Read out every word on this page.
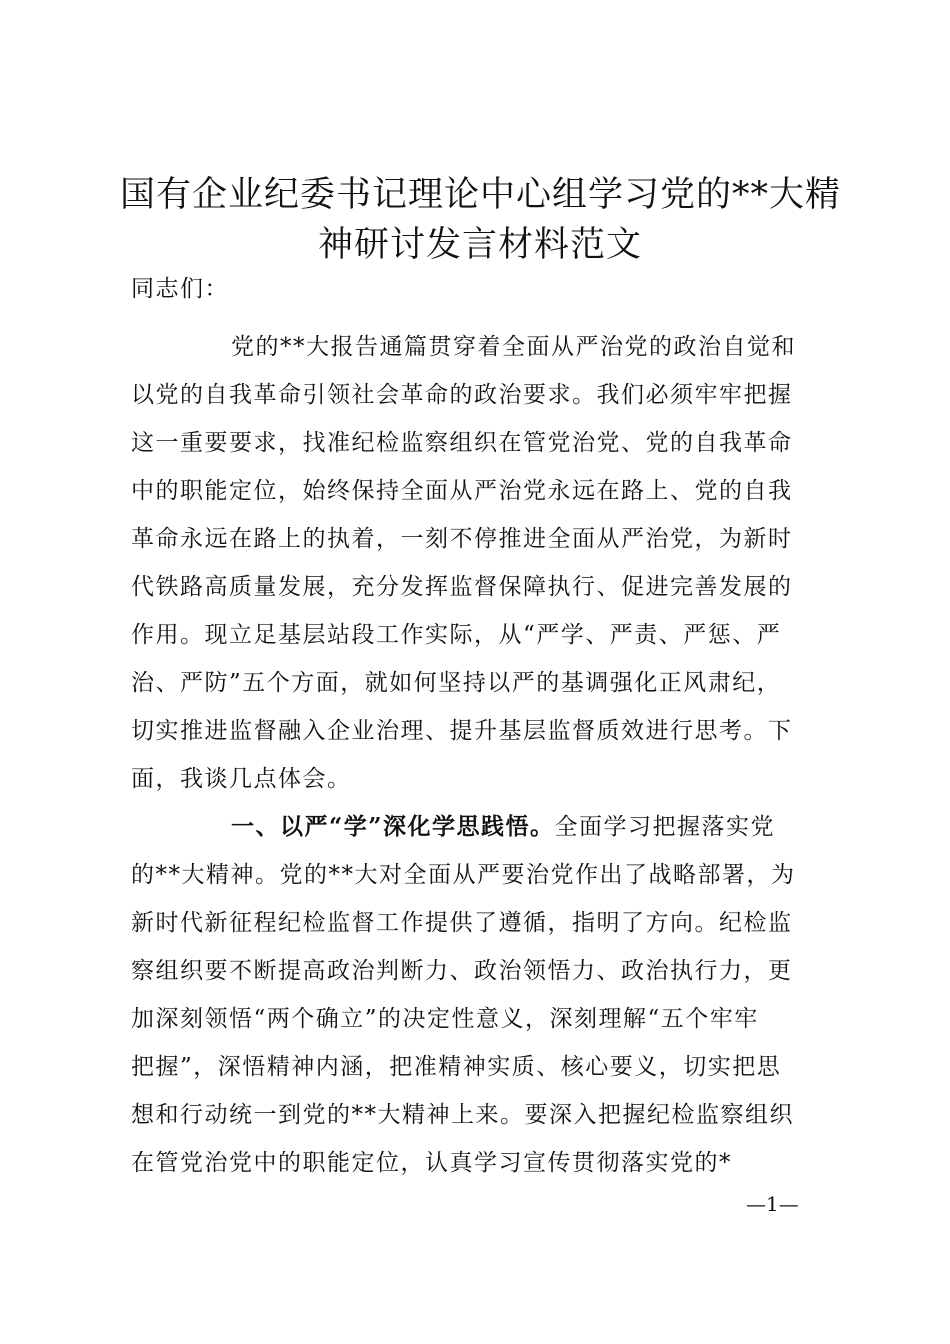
国有企业纪委书记理论中心组学习党的**大精
神研讨发言材料范文
同志们：
党的**大报告通篇贯穿着全面从严治党的政治自觉和
以党的自我革命引领社会革命的政治要求。我们必须牢牢把握
这一重要要求，找准纪检监察组织在管党治党、党的自我革命
中的职能定位，始终保持全面从严治党永远在路上、党的自我
革命永远在路上的执着，一刻不停推进全面从严治党，为新时
代铁路高质量发展，充分发挥监督保障执行、促进完善发展的
作用。现立足基层站段工作实际，从“严学、严责、严惩、严
治、严防”五个方面，就如何坚持以严的基调强化正风肃纪，
切实推进监督融入企业治理、提升基层监督质效进行思考。下
面，我谈几点体会。
一、以严“学”深化学思践悟。全面学习把握落实党
的**大精神。党的**大对全面从严要治党作出了战略部署，为
新时代新征程纪检监督工作提供了遵循，指明了方向。纪检监
察组织要不断提高政治判断力、政治领悟力、政治执行力，更
加深刻领悟“两个确立”的决定性意义，深刻理解“五个牢牢
把握”，深悟精神内涵，把准精神实质、核心要义，切实把思
想和行动统一到党的**大精神上来。要深入把握纪检监察组织
在管党治党中的职能定位，认真学习宣传贯彻落实党的*
—1—
